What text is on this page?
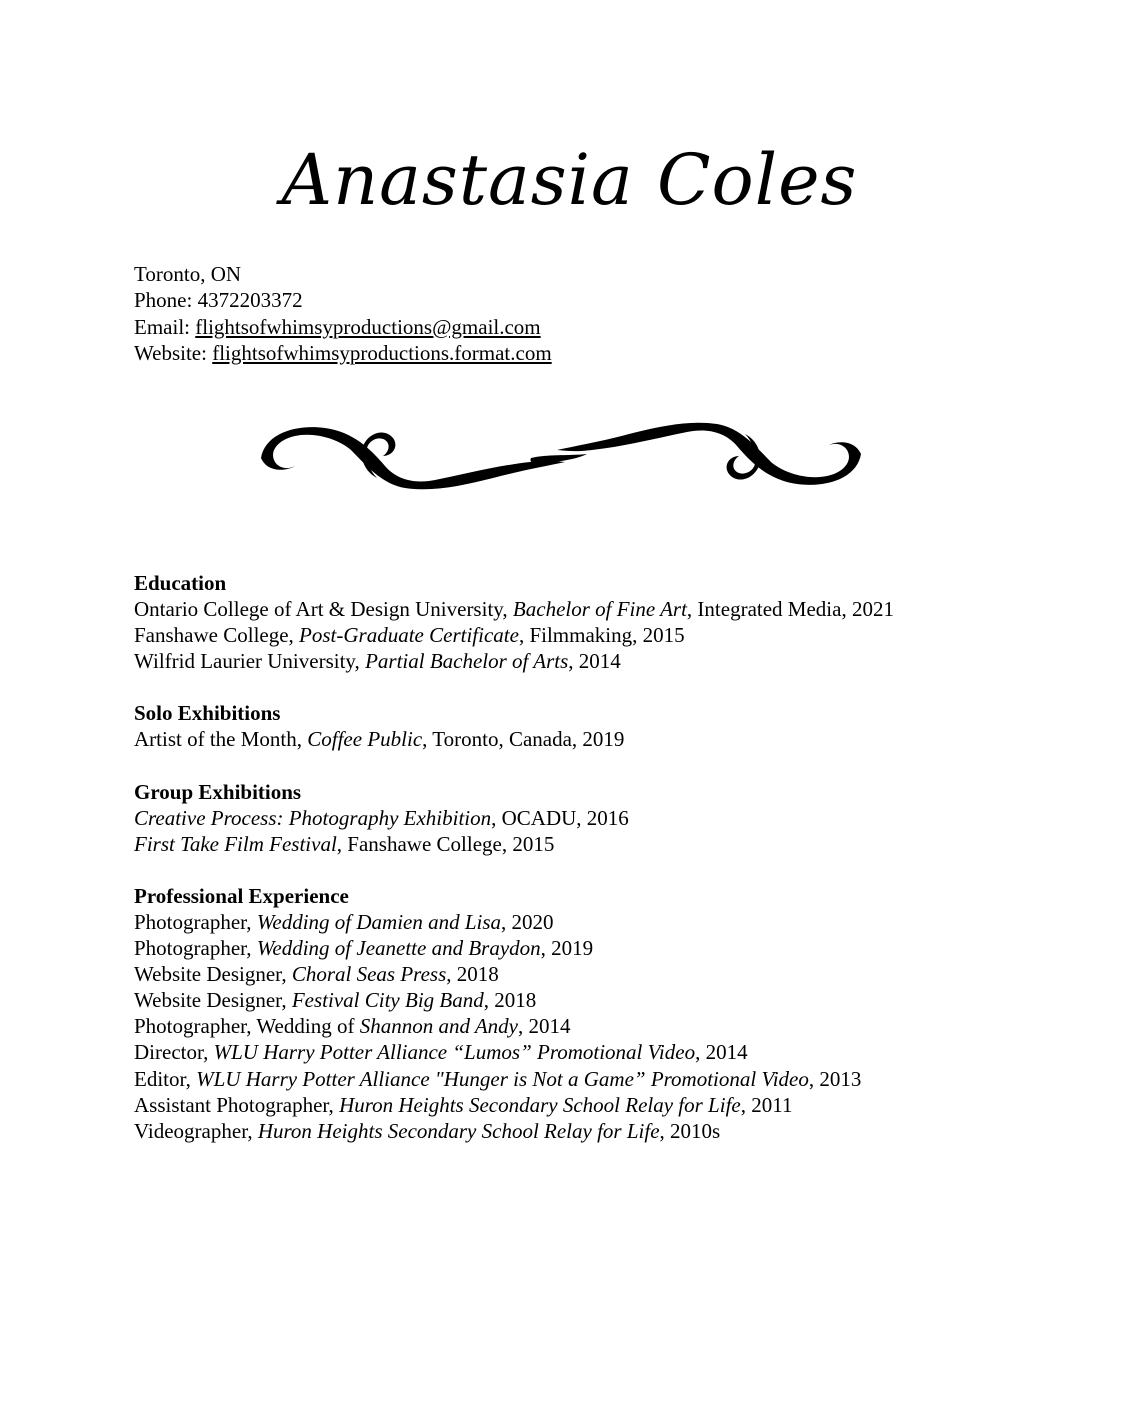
Anastasia Coles
Toronto, ON
Phone: 4372203372
Email: flightsofwhimsyproductions@gmail.com
Website: flightsofwhimsyproductions.format.com
Education
Ontario College of Art & Design University, Bachelor of Fine Art, Integrated Media, 2021
Fanshawe College, Post-Graduate Certificate, Filmmaking, 2015
Wilfrid Laurier University, Partial Bachelor of Arts, 2014
Solo Exhibitions
Artist of the Month, Coffee Public, Toronto, Canada, 2019
Group Exhibitions
Creative Process: Photography Exhibition, OCADU, 2016
First Take Film Festival, Fanshawe College, 2015
Professional Experience
Photographer, Wedding of Damien and Lisa, 2020
Photographer, Wedding of Jeanette and Braydon, 2019
Website Designer, Choral Seas Press, 2018
Website Designer, Festival City Big Band, 2018
Photographer, Wedding of Shannon and Andy, 2014
Director, WLU Harry Potter Alliance “Lumos” Promotional Video, 2014
Editor, WLU Harry Potter Alliance "Hunger is Not a Game” Promotional Video, 2013
Assistant Photographer, Huron Heights Secondary School Relay for Life, 2011
Videographer, Huron Heights Secondary School Relay for Life, 2010s
